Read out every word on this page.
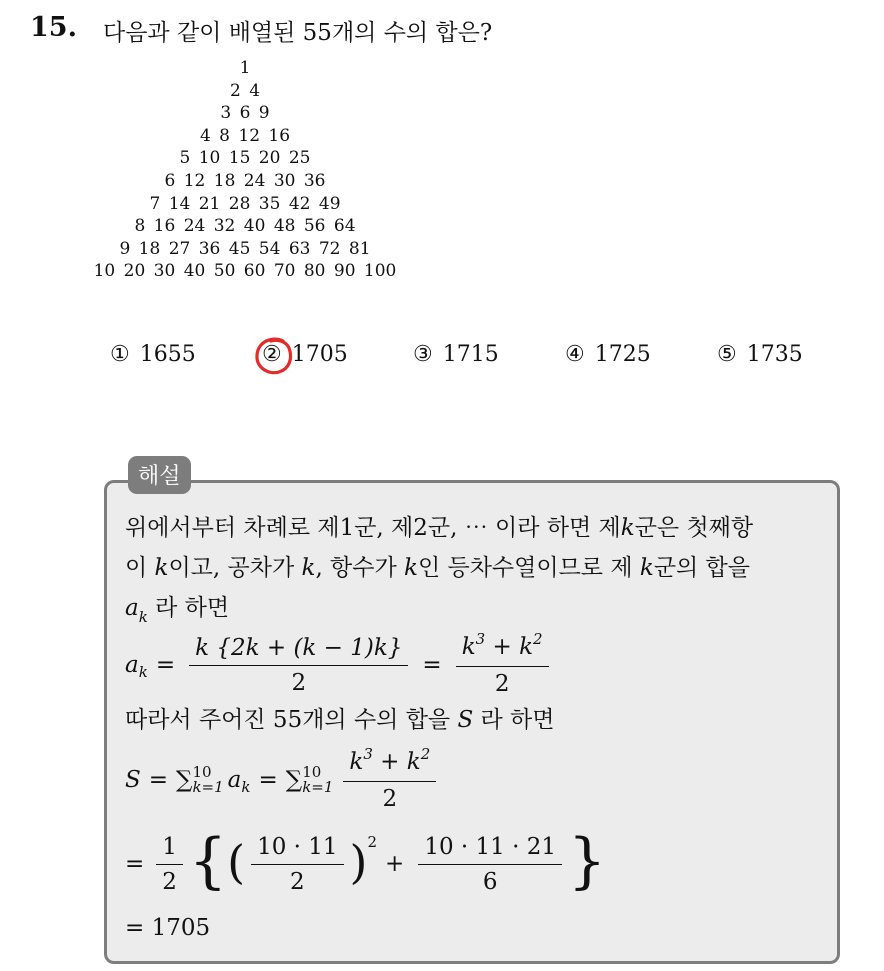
15. 다음과 같이 배열된 55개의 수의 합은?
1
2 4
3 6 9
4 8 12 16
5 10 15 20 25
6 12 18 24 30 36
7 14 21 28 35 42 49
8 16 24 32 40 48 56 64
9 18 27 36 45 54 63 72 81
10 20 30 40 50 60 70 80 90 100
① 1655	② 1705	③ 1715	④ 1725	⑤ 1735
해설
위에서부터 차례로 제1군, 제2군, ⋯ 이라 하면 제k군은 첫째항
이 k이고, 공차가 k, 항수가 k인 등차수열이므로 제 k군의 합을
$a_k$ 라 하면
a $k = \frac{k \{2k + (k - 1)k\}}{2} = \frac{k^3 + k^2}{2}$
따라서 주어진 55개의 수의 합을 S 라 하면
S = ∑ 10
k=1 a k = ∑ 10
$k=1 \frac{k^3 + k^2}{2}$
= $\frac{1}{2}$ { ( $\frac{10 \cdot 11}{2}$ ) 2
+ $\frac{10 \cdot 11 \cdot 21}{6}$ }
= 1705
